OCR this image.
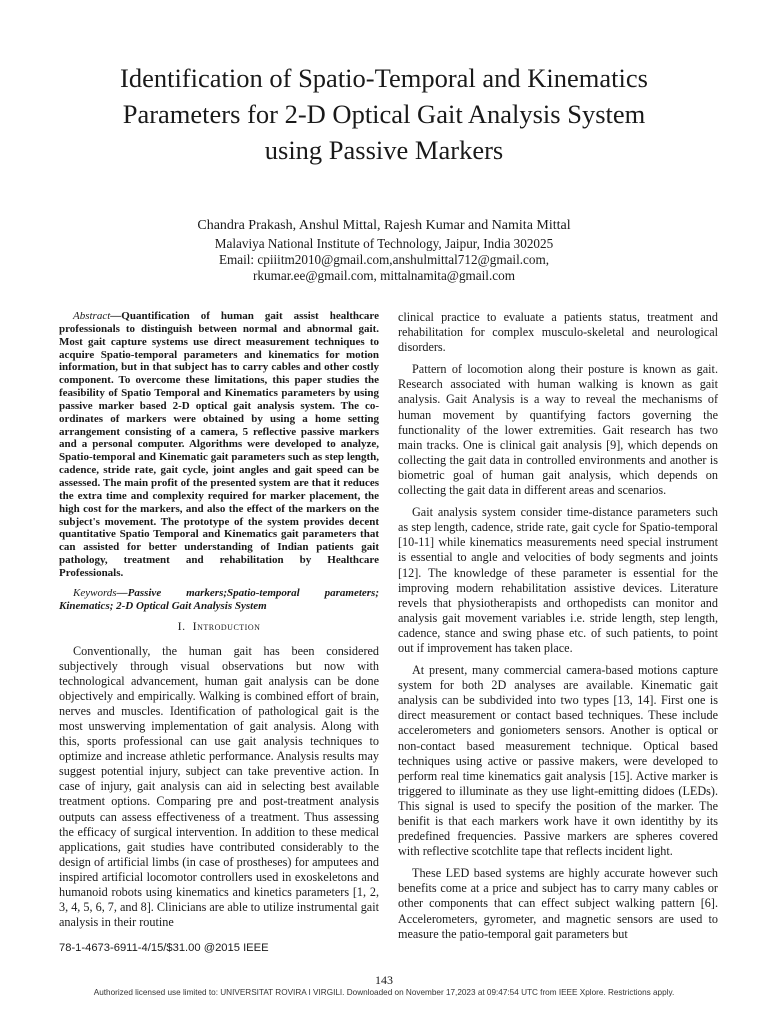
Identification of Spatio-Temporal and Kinematics
Parameters for 2-D Optical Gait Analysis System
using Passive Markers
Chandra Prakash, Anshul Mittal, Rajesh Kumar and Namita Mittal
Malaviya National Institute of Technology, Jaipur, India 302025
Email: cpiiitm2010@gmail.com,anshulmittal712@gmail.com,
rkumar.ee@gmail.com, mittalnamita@gmail.com

Abstract—Quantification of human gait assist healthcare professionals to distinguish between normal and abnormal gait. Most gait capture systems use direct measurement techniques to acquire Spatio-temporal parameters and kinematics for motion information, but in that subject has to carry cables and other costly component. To overcome these limitations, this paper studies the feasibility of Spatio Temporal and Kinematics parameters by using passive marker based 2-D optical gait analysis system. The co-ordinates of markers were obtained by using a home setting arrangement consisting of a camera, 5 reflective passive markers and a personal computer. Algorithms were developed to analyze, Spatio-temporal and Kinematic gait parameters such as step length, cadence, stride rate, gait cycle, joint angles and gait speed can be assessed. The main profit of the presented system are that it reduces the extra time and complexity required for marker placement, the high cost for the markers, and also the effect of the markers on the subject's movement. The prototype of the system provides decent quantitative Spatio Temporal and Kinematics gait parameters that can assisted for better understanding of Indian patients gait pathology, treatment and rehabilitation by Healthcare Professionals.

Keywords—Passive markers;Spatio-temporal parameters; Kinematics; 2-D Optical Gait Analysis System

I. Introduction

Conventionally, the human gait has been considered subjectively through visual observations but now with technological advancement, human gait analysis can be done objectively and empirically. Walking is combined effort of brain, nerves and muscles. Identification of pathological gait is the most unswerving implementation of gait analysis. Along with this, sports professional can use gait analysis techniques to optimize and increase athletic performance. Analysis results may suggest potential injury, subject can take preventive action. In case of injury, gait analysis can aid in selecting best available treatment options. Comparing pre and post-treatment analysis outputs can assess effectiveness of a treatment. Thus assessing the efficacy of surgical intervention. In addition to these medical applications, gait studies have contributed considerably to the design of artificial limbs (in case of prostheses) for amputees and inspired artificial locomotor controllers used in exoskeletons and humanoid robots using kinematics and kinetics parameters [1, 2, 3, 4, 5, 6, 7, and 8]. Clinicians are able to utilize instrumental gait analysis in their routine

clinical practice to evaluate a patients status, treatment and rehabilitation for complex musculo-skeletal and neurological disorders.

Pattern of locomotion along their posture is known as gait. Research associated with human walking is known as gait analysis. Gait Analysis is a way to reveal the mechanisms of human movement by quantifying factors governing the functionality of the lower extremities. Gait research has two main tracks. One is clinical gait analysis [9], which depends on collecting the gait data in controlled environments and another is biometric goal of human gait analysis, which depends on collecting the gait data in different areas and scenarios.

Gait analysis system consider time-distance parameters such as step length, cadence, stride rate, gait cycle for Spatio-temporal [10-11] while kinematics measurements need special instrument is essential to angle and velocities of body segments and joints [12]. The knowledge of these parameter is essential for the improving modern rehabilitation assistive devices. Literature revels that physiotherapists and orthopedists can monitor and analysis gait movement variables i.e. stride length, step length, cadence, stance and swing phase etc. of such patients, to point out if improvement has taken place.

At present, many commercial camera-based motions capture system for both 2D analyses are available. Kinematic gait analysis can be subdivided into two types [13, 14]. First one is direct measurement or contact based techniques. These include accelerometers and goniometers sensors. Another is optical or non-contact based measurement technique. Optical based techniques using active or passive makers, were developed to perform real time kinematics gait analysis [15]. Active marker is triggered to illuminate as they use light-emitting didoes (LEDs). This signal is used to specify the position of the marker. The benifit is that each markers work have it own identithy by its predefined frequencies. Passive markers are spheres covered with reflective scotchlite tape that reflects incident light.

These LED based systems are highly accurate however such benefits come at a price and subject has to carry many cables or other components that can effect subject walking pattern [6]. Accelerometers, gyrometer, and magnetic sensors are used to measure the patio-temporal gait parameters but

78-1-4673-6911-4/15/$31.00 @2015 IEEE
143
Authorized licensed use limited to: UNIVERSITAT ROVIRA I VIRGILI. Downloaded on November 17,2023 at 09:47:54 UTC from IEEE Xplore. Restrictions apply.
